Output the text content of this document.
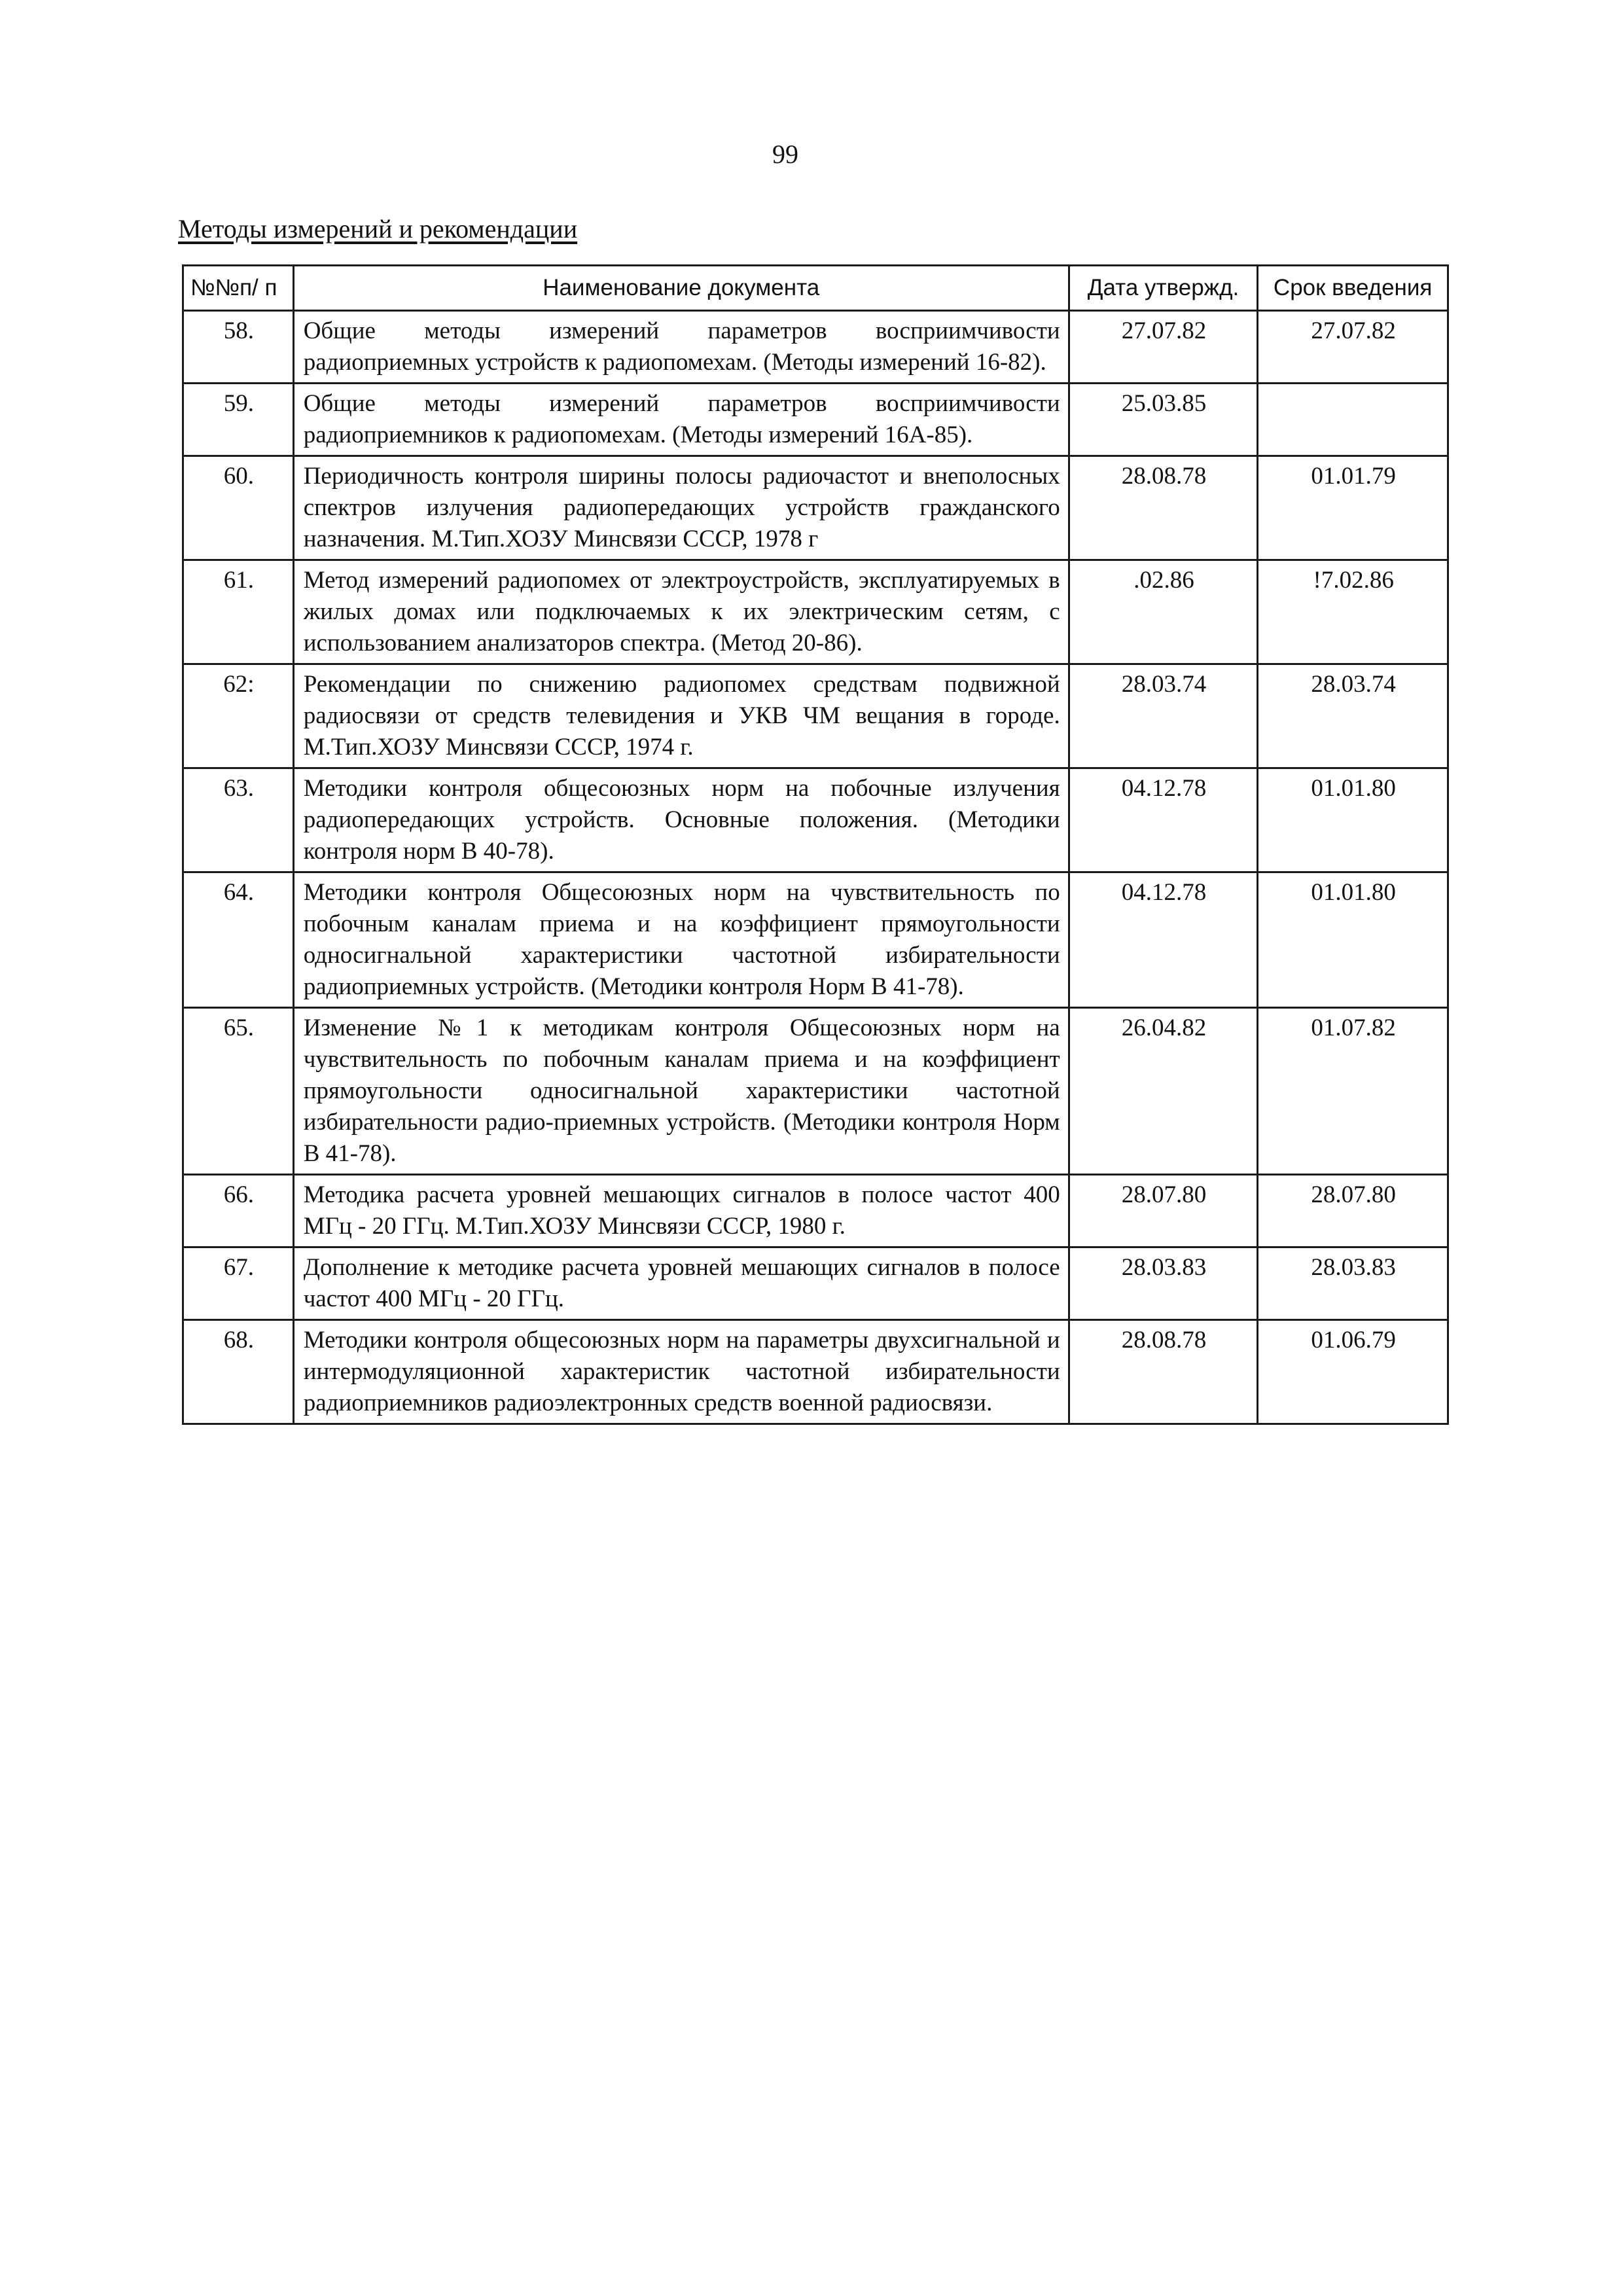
99
Методы измерений и рекомендации
№№п/ п	Наименование документа	Дата утвержд.	Срок введения
58.	Общие методы измерений параметров восприимчивости радиоприемных устройств к радиопомехам. (Методы измерений 16-82).	27.07.82	27.07.82
59.	Общие методы измерений параметров восприимчивости радиоприемников к радиопомехам. (Методы измерений 16А-85).	25.03.85	
60.	Периодичность контроля ширины полосы радиочастот и внеполосных спектров излучения радиопередающих устройств гражданского назначения. М.Тип.ХОЗУ Минсвязи СССР, 1978 г	28.08.78	01.01.79
61.	Метод измерений радиопомех от электроустройств, эксплуатируемых в жилых домах или подключаемых к их электрическим сетям, с использованием анализаторов спектра. (Метод 20-86).	.02.86	!7.02.86
62:	Рекомендации по снижению радиопомех средствам подвижной радиосвязи от средств телевидения и УКВ ЧМ вещания в городе. М.Тип.ХОЗУ Минсвязи СССР, 1974 г.	28.03.74	28.03.74
63.	Методики контроля общесоюзных норм на побочные излучения радиопередающих устройств. Основные положения. (Методики контроля норм В 40-78).	04.12.78	01.01.80
64.	Методики контроля Общесоюзных норм на чувствительность по побочным каналам приема и на коэффициент прямоугольности односигнальной характеристики частотной избирательности радиоприемных устройств. (Методики контроля Норм В 41-78).	04.12.78	01.01.80
65.	Изменение №1 к методикам контроля Общесоюзных норм на чувствительность по побочным каналам приема и на коэффициент прямоугольности односигнальной характеристики частотной избирательности радио-приемных устройств. (Методики контроля Норм В 41-78).	26.04.82	01.07.82
66.	Методика расчета уровней мешающих сигналов в полосе частот 400 МГц - 20 ГГц. М.Тип.ХОЗУ Минсвязи СССР, 1980 г.	28.07.80	28.07.80
67.	Дополнение к методике расчета уровней мешающих сигналов в полосе частот 400 МГц - 20 ГГц.	28.03.83	28.03.83
68.	Методики контроля общесоюзных норм на параметры двухсигнальной и интермодуляционной характеристик частотной избирательности радиоприемников радиоэлектронных средств военной радиосвязи.	28.08.78	01.06.79
